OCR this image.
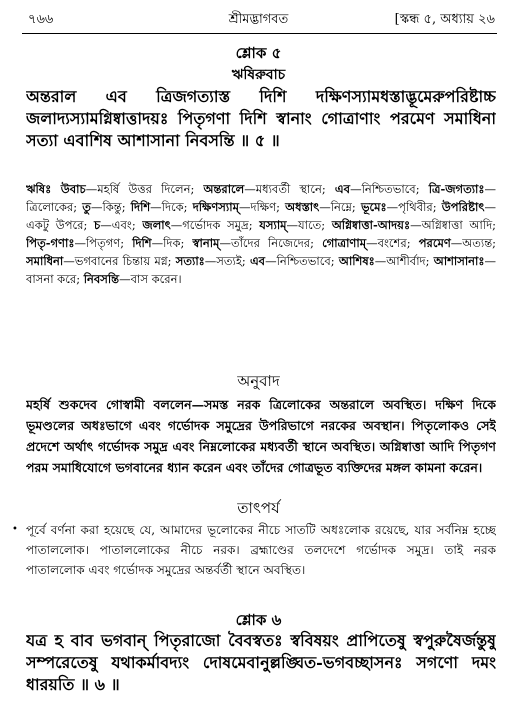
শ্রীমদ্ভাগবত
৭৬৬	[স্কন্ধ ৫, অধ্যায় ২৬
শ্লোক ৫
ঋষিরুবাচ
অন্তরাল এব ত্রিজগত্যাস্ত দিশি দক্ষিণস্যামধস্তাদ্ভূমেরুপরিষ্টাচ্চ জলাদ্যস্যামগ্নিষ্বাত্তাদয়ঃ পিতৃগণা দিশি স্বানাং গোত্রাণাং পরমেণ সমাধিনা সত্যা এবাশিষ আশাসানা নিবসন্তি ॥ ৫ ॥
ঋষিঃ উবাচ—মহর্ষি উত্তর দিলেন; অন্তরালে—মধ্যবর্তী স্থানে; এব—নিশ্চিতভাবে; ত্রি-জগত্যাঃ—ত্রিলোকের; তু—কিন্তু; দিশি—দিকে; দক্ষিণস্যাম্—দক্ষিণ; অধস্তাৎ—নিম্নে; ভূমেঃ—পৃথিবীর; উপরিষ্টাৎ—একটু উপরে; চ—এবং; জলাৎ—গর্ভোদক সমুদ্র; যস্যাম্—যাতে; অগ্নিষ্বাত্তা-আদয়ঃ—অগ্নিষ্বাত্তা আদি; পিতৃ-গণাঃ—পিতৃগণ; দিশি—দিক; স্বানাম্—তাঁদের নিজেদের; গোত্রাণাম্—বংশের; পরমেণ—অত্যন্ত; সমাধিনা—ভগবানের চিন্তায় মগ্ন; সত্যাঃ—সত্যই; এব—নিশ্চিতভাবে; আশিষঃ—আশীর্বাদ; আশাসানাঃ—বাসনা করে; নিবসন্তি—বাস করেন।
অনুবাদ
মহর্ষি শুকদেব গোস্বামী বললেন—সমস্ত নরক ত্রিলোকের অন্তরালে অবস্থিত। দক্ষিণ দিকে ভূমণ্ডলের অধঃভাগে এবং গর্ভোদক সমুদ্রের উপরিভাগে নরকের অবস্থান। পিতৃলোকও সেই প্রদেশে অর্থাৎ গর্ভোদক সমুদ্র এবং নিম্নলোকের মধ্যবর্তী স্থানে অবস্থিত। অগ্নিষ্বাত্তা আদি পিতৃগণ পরম সমাধিযোগে ভগবানের ধ্যান করেন এবং তাঁদের গোত্রভূত ব্যক্তিদের মঙ্গল কামনা করেন।
তাৎপর্য
• পূর্বে বর্ণনা করা হয়েছে যে, আমাদের ভূলোকের নীচে সাতটি অধঃলোক রয়েছে, যার সর্বনিম্ন হচ্ছে পাতাললোক। পাতাললোকের নীচে নরক। ব্রহ্মাণ্ডের তলদেশে গর্ভোদক সমুদ্র। তাই নরক পাতাললোক এবং গর্ভোদক সমুদ্রের অন্তর্বর্তী স্থানে অবস্থিত।
শ্লোক ৬
যত্র হ বাব ভগবান্ পিতৃরাজো বৈবস্বতঃ স্ববিষয়ং প্রাপিতেষু স্বপুরুষৈর্জন্তুষু সম্পরেতেষু যথাকর্মাবদ্যং দোষমেবানুল্লঙ্ঘিত-ভগবচ্ছাসনঃ সগণো দমং ধারয়তি ॥ ৬ ॥
